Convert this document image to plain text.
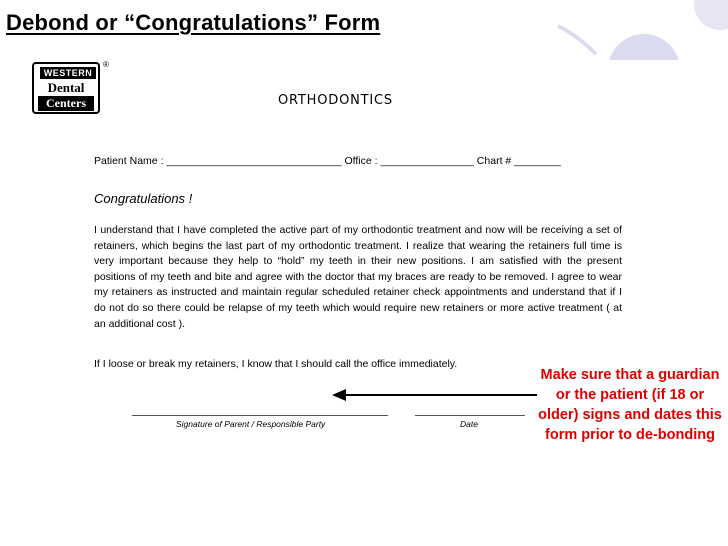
Debond or “Congratulations” Form
WESTERN
Dental
Centers
®
ORTHODONTICS
Patient Name : ______________________________ Office : ________________ Chart # ________
Congratulations !
I understand that I have completed the active part of my orthodontic treatment and now will be receiving a set of retainers, which begins the last part of my orthodontic treatment. I realize that wearing the retainers full time is very important because they help to “hold” my teeth in their new positions. I am satisfied with the present positions of my teeth and bite and agree with the doctor that my braces are ready to be removed. I agree to wear my retainers as instructed and maintain regular scheduled retainer check appointments and understand that if I do not do so there could be relapse of my teeth which would require new retainers or more active treatment ( at an additional cost ).
If I loose or break my retainers, I know that I should call the office immediately.
Signature of Parent / Responsible Party	Date
Make sure that a guardian or the patient (if 18 or older) signs and dates this form prior to de-bonding
